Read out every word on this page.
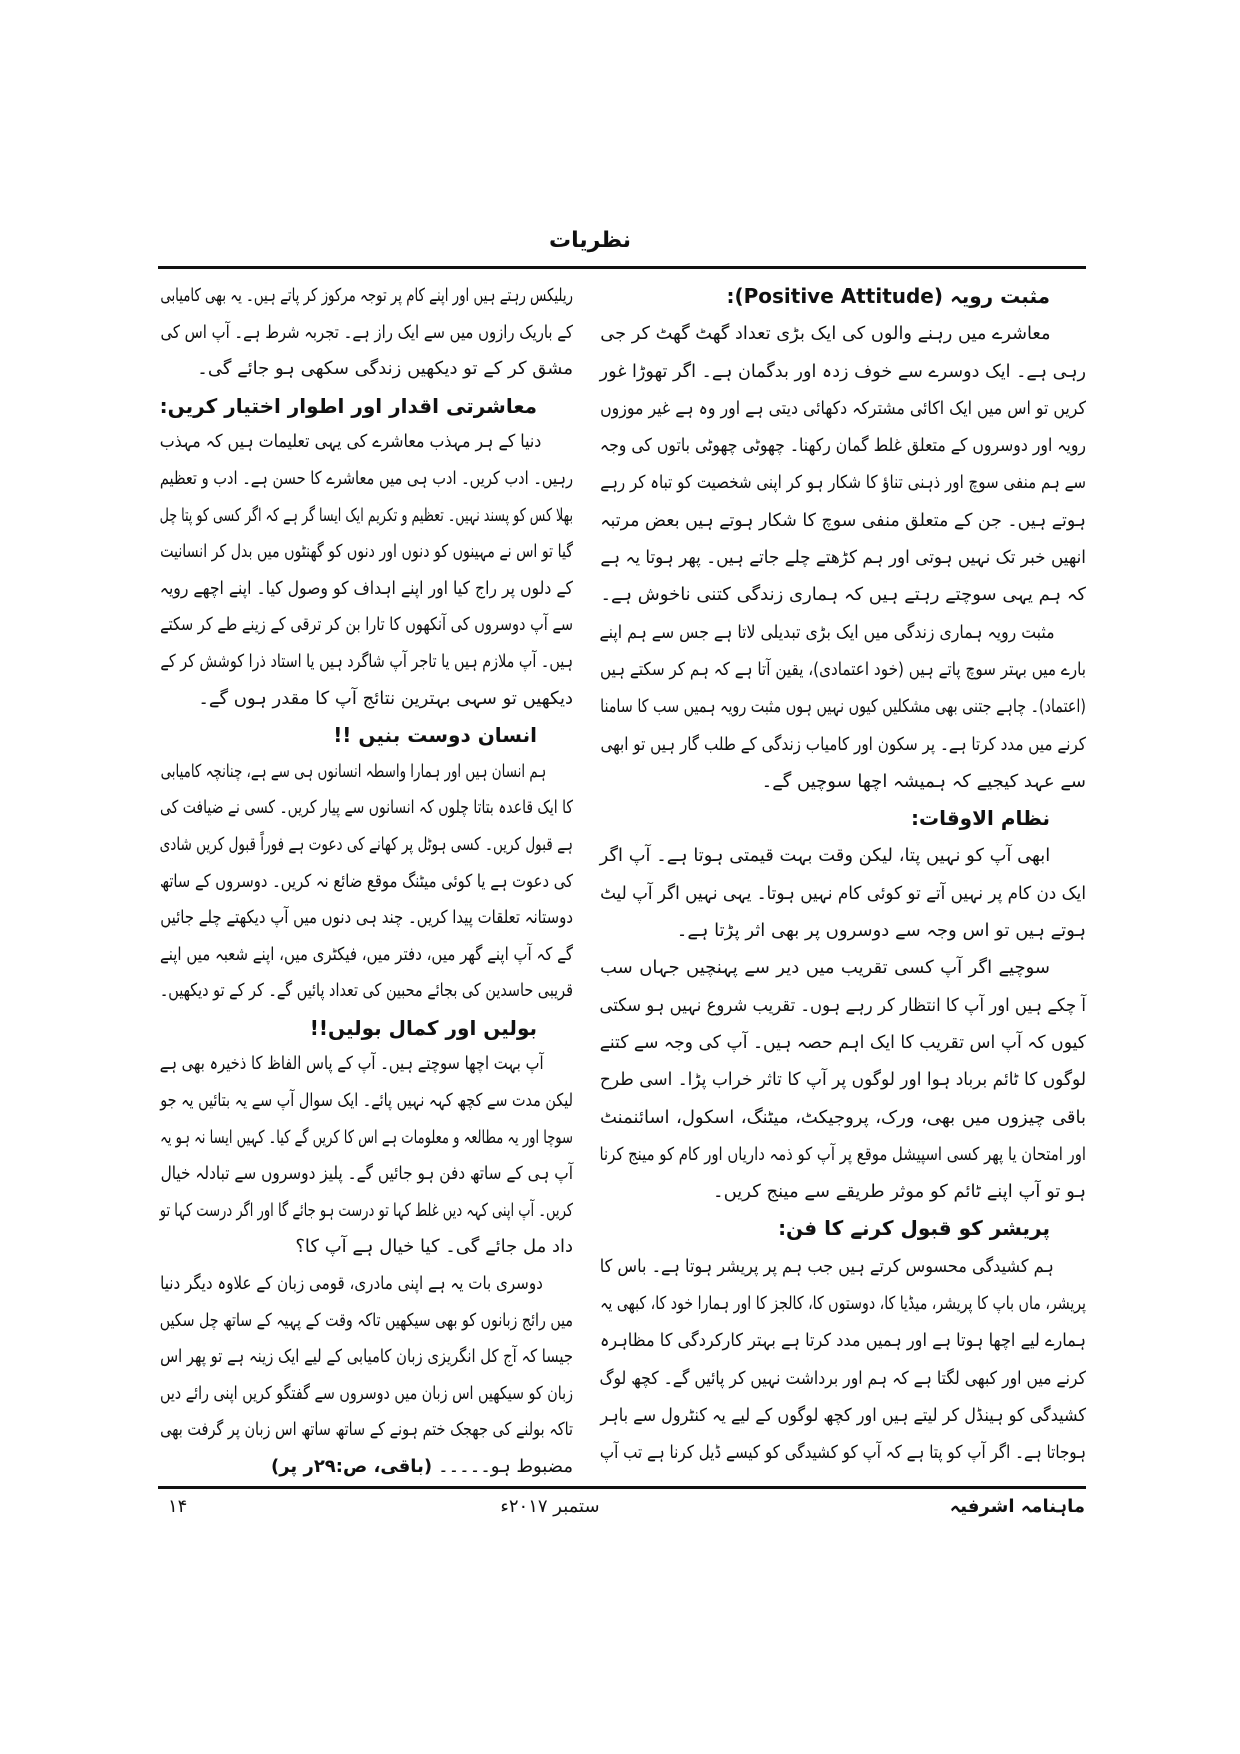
نظریات
مثبت رویہ (Positive Attitude):
معاشرے میں رہنے والوں کی ایک بڑی تعداد گھٹ گھٹ کر جی
رہی ہے۔ ایک دوسرے سے خوف زدہ اور بدگمان ہے۔ اگر تھوڑا غور
کریں تو اس میں ایک اکائی مشترکہ دکھائی دیتی ہے اور وہ ہے غیر موزوں
رویہ اور دوسروں کے متعلق غلط گمان رکھنا۔ چھوٹی چھوٹی باتوں کی وجہ
سے ہم منفی سوچ اور ذہنی تناؤ کا شکار ہو کر اپنی شخصیت کو تباہ کر رہے
ہوتے ہیں۔ جن کے متعلق منفی سوچ کا شکار ہوتے ہیں بعض مرتبہ
انھیں خبر تک نہیں ہوتی اور ہم کڑھتے چلے جاتے ہیں۔ پھر ہوتا یہ ہے
کہ ہم یہی سوچتے رہتے ہیں کہ ہماری زندگی کتنی ناخوش ہے۔
مثبت رویہ ہماری زندگی میں ایک بڑی تبدیلی لاتا ہے جس سے ہم اپنے
بارے میں بہتر سوچ پاتے ہیں (خود اعتمادی)، یقین آتا ہے کہ ہم کر سکتے ہیں
(اعتماد)۔ چاہے جتنی بھی مشکلیں کیوں نہیں ہوں مثبت رویہ ہمیں سب کا سامنا
کرنے میں مدد کرتا ہے۔ پر سکون اور کامیاب زندگی کے طلب گار ہیں تو ابھی
سے عہد کیجیے کہ ہمیشہ اچھا سوچیں گے۔
نظام الاوقات:
ابھی آپ کو نہیں پتا، لیکن وقت بہت قیمتی ہوتا ہے۔ آپ اگر
ایک دن کام پر نہیں آتے تو کوئی کام نہیں ہوتا۔ یہی نہیں اگر آپ لیٹ
ہوتے ہیں تو اس وجہ سے دوسروں پر بھی اثر پڑتا ہے۔
سوچیے اگر آپ کسی تقریب میں دیر سے پہنچیں جہاں سب
آ چکے ہیں اور آپ کا انتظار کر رہے ہوں۔ تقریب شروع نہیں ہو سکتی
کیوں کہ آپ اس تقریب کا ایک اہم حصہ ہیں۔ آپ کی وجہ سے کتنے
لوگوں کا ٹائم برباد ہوا اور لوگوں پر آپ کا تاثر خراب پڑا۔ اسی طرح
باقی چیزوں میں بھی، ورک، پروجیکٹ، میٹنگ، اسکول، اسائنمنٹ
اور امتحان یا پھر کسی اسپیشل موقع پر آپ کو ذمہ داریاں اور کام کو مینج کرنا
ہو تو آپ اپنے ٹائم کو موثر طریقے سے مینج کریں۔
پریشر کو قبول کرنے کا فن:
ہم کشیدگی محسوس کرتے ہیں جب ہم پر پریشر ہوتا ہے۔ باس کا
پریشر، ماں باپ کا پریشر، میڈیا کا، دوستوں کا، کالجز کا اور ہمارا خود کا، کبھی یہ
ہمارے لیے اچھا ہوتا ہے اور ہمیں مدد کرتا ہے بہتر کارکردگی کا مظاہرہ
کرنے میں اور کبھی لگتا ہے کہ ہم اور برداشت نہیں کر پائیں گے۔ کچھ لوگ
کشیدگی کو ہینڈل کر لیتے ہیں اور کچھ لوگوں کے لیے یہ کنٹرول سے باہر
ہوجاتا ہے۔ اگر آپ کو پتا ہے کہ آپ کو کشیدگی کو کیسے ڈیل کرنا ہے تب آپ
ریلیکس رہتے ہیں اور اپنے کام پر توجہ مرکوز کر پاتے ہیں۔ یہ بھی کامیابی
کے باریک رازوں میں سے ایک راز ہے۔ تجربہ شرط ہے۔ آپ اس کی
مشق کر کے تو دیکھیں زندگی سکھی ہو جائے گی۔
معاشرتی اقدار اور اطوار اختیار کریں:
دنیا کے ہر مہذب معاشرے کی یہی تعلیمات ہیں کہ مہذب
رہیں۔ ادب کریں۔ ادب ہی میں معاشرے کا حسن ہے۔ ادب و تعظیم
بھلا کس کو پسند نہیں۔ تعظیم و تکریم ایک ایسا گر ہے کہ اگر کسی کو پتا چل
گیا تو اس نے مہینوں کو دنوں اور دنوں کو گھنٹوں میں بدل کر انسانیت
کے دلوں پر راج کیا اور اپنے اہداف کو وصول کیا۔ اپنے اچھے رویہ
سے آپ دوسروں کی آنکھوں کا تارا بن کر ترقی کے زینے طے کر سکتے
ہیں۔ آپ ملازم ہیں یا تاجر آپ شاگرد ہیں یا استاد ذرا کوشش کر کے
دیکھیں تو سہی بہترین نتائج آپ کا مقدر ہوں گے۔
انسان دوست بنیں !!
ہم انسان ہیں اور ہمارا واسطہ انسانوں ہی سے ہے، چنانچہ کامیابی
کا ایک قاعدہ بتاتا چلوں کہ انسانوں سے پیار کریں۔ کسی نے ضیافت کی
ہے قبول کریں۔ کسی ہوٹل پر کھانے کی دعوت ہے فوراً قبول کریں شادی
کی دعوت ہے یا کوئی میٹنگ موقع ضائع نہ کریں۔ دوسروں کے ساتھ
دوستانہ تعلقات پیدا کریں۔ چند ہی دنوں میں آپ دیکھتے چلے جائیں
گے کہ آپ اپنے گھر میں، دفتر میں، فیکٹری میں، اپنے شعبہ میں اپنے
قریبی حاسدین کی بجائے محبین کی تعداد پائیں گے۔ کر کے تو دیکھیں۔
بولیں اور کمال بولیں!!
آپ بہت اچھا سوچتے ہیں۔ آپ کے پاس الفاظ کا ذخیرہ بھی ہے
لیکن مدت سے کچھ کہہ نہیں پائے۔ ایک سوال آپ سے یہ بتائیں یہ جو
سوچا اور یہ مطالعہ و معلومات ہے اس کا کریں گے کیا۔ کہیں ایسا نہ ہو یہ
آپ ہی کے ساتھ دفن ہو جائیں گے۔ پلیز دوسروں سے تبادلہ خیال
کریں۔ آپ اپنی کہہ دیں غلط کہا تو درست ہو جائے گا اور اگر درست کہا تو
داد مل جائے گی۔ کیا خیال ہے آپ کا؟
دوسری بات یہ ہے اپنی مادری، قومی زبان کے علاوہ دیگر دنیا
میں رائج زبانوں کو بھی سیکھیں تاکہ وقت کے پہیہ کے ساتھ چل سکیں
جیسا کہ آج کل انگریزی زبان کامیابی کے لیے ایک زینہ ہے تو پھر اس
زبان کو سیکھیں اس زبان میں دوسروں سے گفتگو کریں اپنی رائے دیں
تاکہ بولنے کی جھجک ختم ہونے کے ساتھ ساتھ اس زبان پر گرفت بھی
مضبوط ہو۔۔۔۔۔(باقی، ص:۲۹ر پر)
ماہنامہ اشرفیہ
ستمبر ۲۰۱۷ء
۱۴
